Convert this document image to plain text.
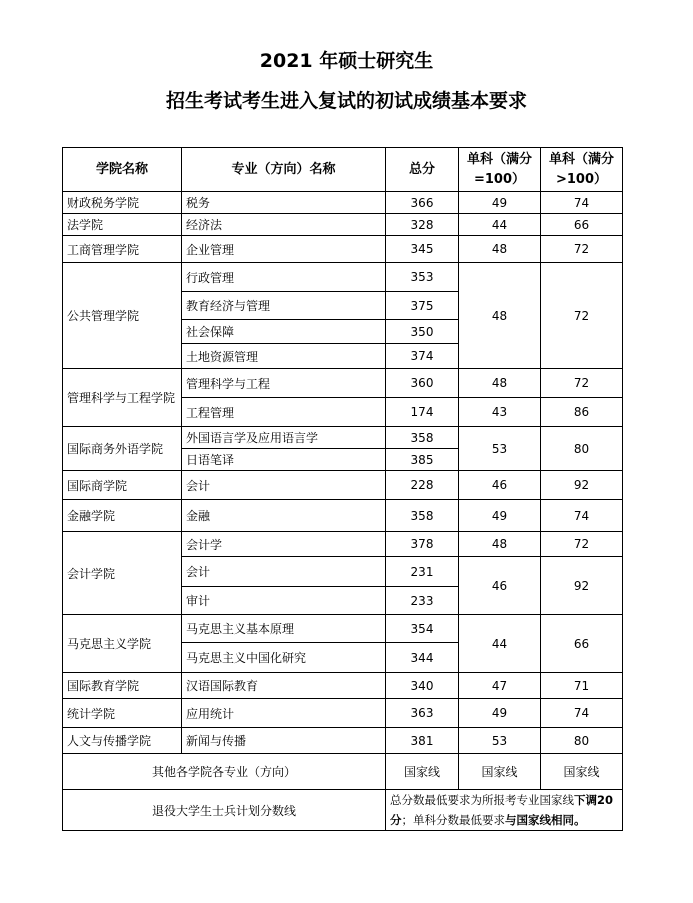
2021 年硕士研究生
招生考试考生进入复试的初试成绩基本要求
学院名称	专业（方向）名称	总分	单科（满分=100）	单科（满分>100）
财政税务学院	税务	366	49	74
法学院	经济法	328	44	66
工商管理学院	企业管理	345	48	72
公共管理学院	行政管理	353	48	72
	教育经济与管理	375		
	社会保障	350		
	土地资源管理	374		
管理科学与工程学院	管理科学与工程	360	48	72
	工程管理	174	43	86
国际商务外语学院	外国语言学及应用语言学	358	53	80
	日语笔译	385		
国际商学院	会计	228	46	92
金融学院	金融	358	49	74
会计学院	会计学	378	48	72
	会计	231	46	92
	审计	233		
马克思主义学院	马克思主义基本原理	354	44	66
	马克思主义中国化研究	344		
国际教育学院	汉语国际教育	340	47	71
统计学院	应用统计	363	49	74
人文与传播学院	新闻与传播	381	53	80
其他各学院各专业（方向）		国家线	国家线	国家线
退役大学生士兵计划分数线		总分数最低要求为所报考专业国家线下调20分；单科分数最低要求与国家线相同。		
